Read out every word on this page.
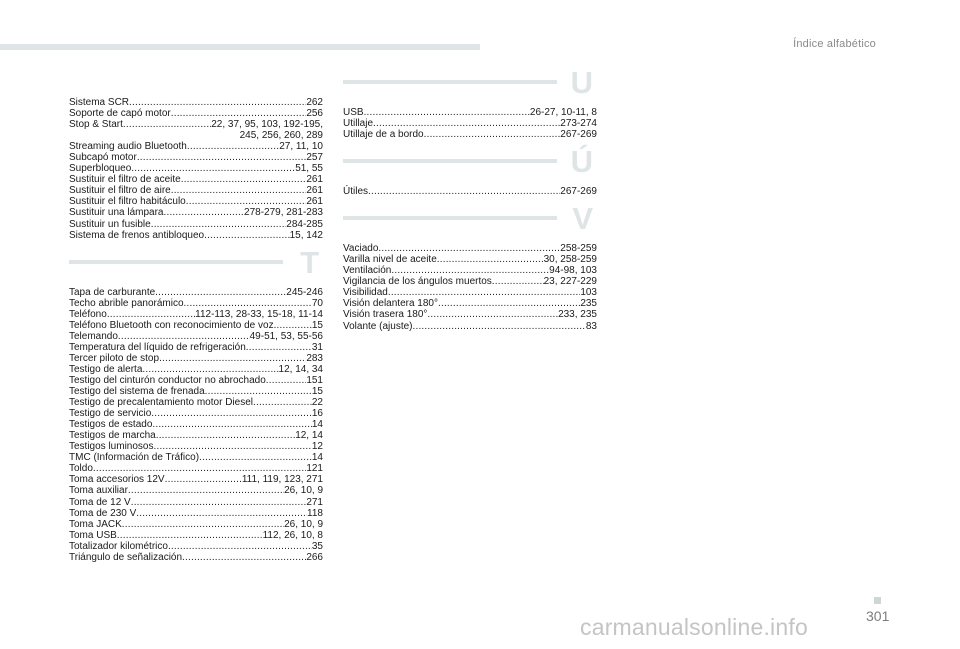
Índice alfabético
Sistema SCR .....	262
Soporte de capó motor .....	256
Stop & Start .....	22, 37, 95, 103, 192-195,
245, 256, 260, 289
Streaming audio Bluetooth .....	27, 11, 10
Subcapó motor .....	257
Superbloqueo .....	51, 55
Sustituir el filtro de aceite .....	261
Sustituir el filtro de aire .....	261
Sustituir el filtro habitáculo .....	261
Sustituir una lámpara .....	278-279, 281-283
Sustituir un fusible .....	284-285
Sistema de frenos antibloqueo .....	15, 142
T
Tapa de carburante .....	245-246
Techo abrible panorámico .....	70
Teléfono .....	112-113, 28-33, 15-18, 11-14
Teléfono Bluetooth con reconocimiento de voz .....	15
Telemando .....	49-51, 53, 55-56
Temperatura del líquido de refrigeración .....	31
Tercer piloto de stop .....	283
Testigo de alerta .....	12, 14, 34
Testigo del cinturón conductor no abrochado .....	151
Testigo del sistema de frenada .....	15
Testigo de precalentamiento motor Diesel .....	22
Testigo de servicio .....	16
Testigos de estado .....	14
Testigos de marcha .....	12, 14
Testigos luminosos .....	12
TMC (Información de Tráfico) .....	14
Toldo .....	121
Toma accesorios 12V .....	111, 119, 123, 271
Toma auxiliar .....	26, 10, 9
Toma de 12 V .....	271
Toma de 230 V .....	118
Toma JACK .....	26, 10, 9
Toma USB .....	112, 26, 10, 8
Totalizador kilométrico .....	35
Triángulo de señalización .....	266
U
USB .....	26-27, 10-11, 8
Utillaje .....	273-274
Utillaje de a bordo .....	267-269
Ú
Útiles .....	267-269
V
Vaciado .....	258-259
Varilla nivel de aceite .....	30, 258-259
Ventilación .....	94-98, 103
Vigilancia de los ángulos muertos .....	23, 227-229
Visibilidad .....	103
Visión delantera 180° .....	235
Visión trasera 180° .....	233, 235
Volante (ajuste) .....	83
301
carmanualsonline.info
